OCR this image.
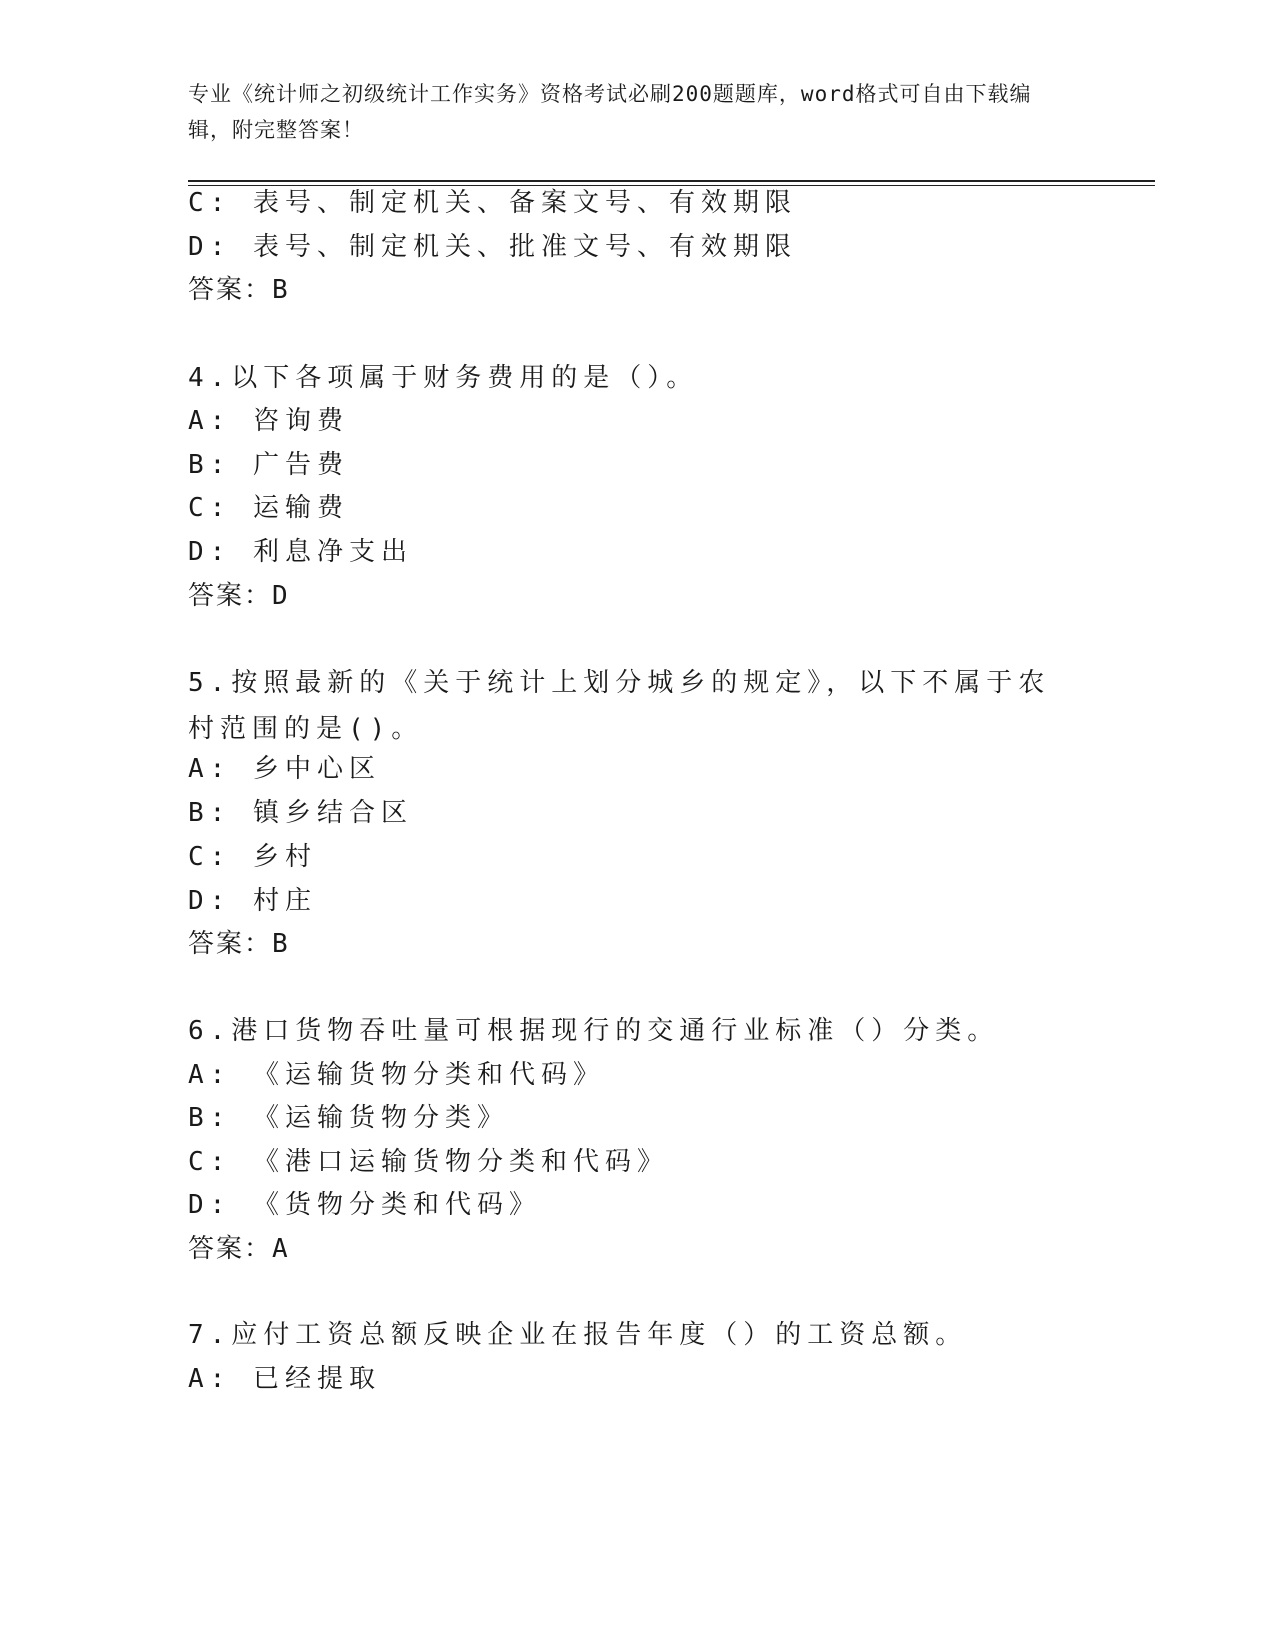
专业《统计师之初级统计工作实务》资格考试必刷200题题库，word格式可自由下载编辑，附完整答案！
C: 表号、制定机关、备案文号、有效期限
D: 表号、制定机关、批准文号、有效期限
答案：B
4.以下各项属于财务费用的是（）。
A: 咨询费
B: 广告费
C: 运输费
D: 利息净支出
答案：D
5.按照最新的《关于统计上划分城乡的规定》，以下不属于农村范围的是()。
A: 乡中心区
B: 镇乡结合区
C: 乡村
D: 村庄
答案：B
6.港口货物吞吐量可根据现行的交通行业标准（）分类。
A: 《运输货物分类和代码》
B: 《运输货物分类》
C: 《港口运输货物分类和代码》
D: 《货物分类和代码》
答案：A
7.应付工资总额反映企业在报告年度（）的工资总额。
A: 已经提取
